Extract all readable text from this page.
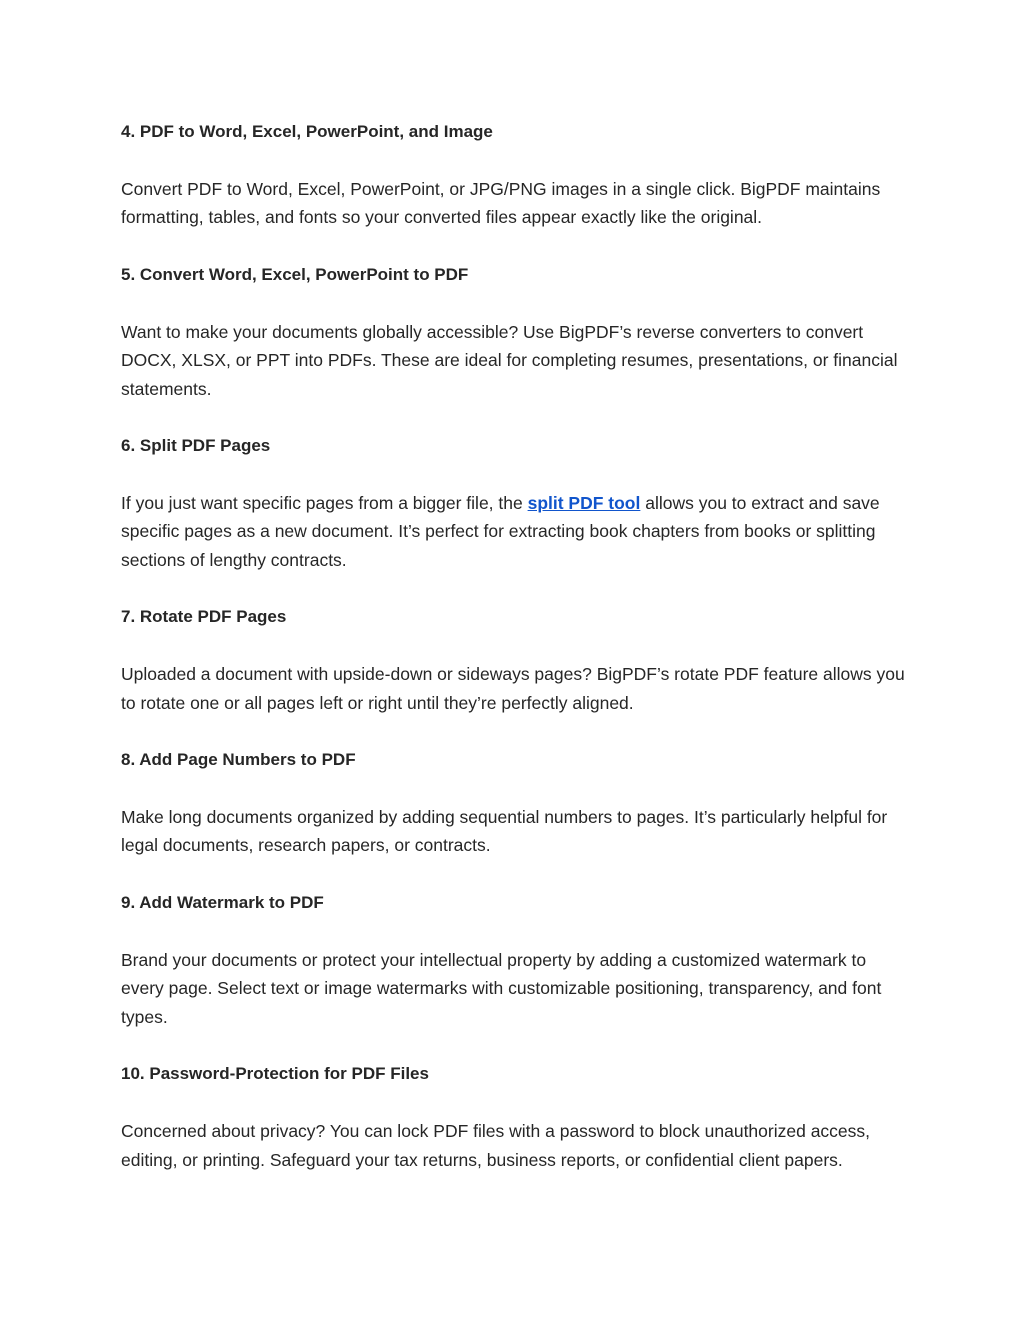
4. PDF to Word, Excel, PowerPoint, and Image

Convert PDF to Word, Excel, PowerPoint, or JPG/PNG images in a single click. BigPDF maintains formatting, tables, and fonts so your converted files appear exactly like the original.

5. Convert Word, Excel, PowerPoint to PDF

Want to make your documents globally accessible? Use BigPDF’s reverse converters to convert DOCX, XLSX, or PPT into PDFs. These are ideal for completing resumes, presentations, or financial statements.

6. Split PDF Pages

If you just want specific pages from a bigger file, the split PDF tool allows you to extract and save specific pages as a new document. It’s perfect for extracting book chapters from books or splitting sections of lengthy contracts.

7. Rotate PDF Pages

Uploaded a document with upside-down or sideways pages? BigPDF’s rotate PDF feature allows you to rotate one or all pages left or right until they’re perfectly aligned.

8. Add Page Numbers to PDF

Make long documents organized by adding sequential numbers to pages. It’s particularly helpful for legal documents, research papers, or contracts.

9. Add Watermark to PDF

Brand your documents or protect your intellectual property by adding a customized watermark to every page. Select text or image watermarks with customizable positioning, transparency, and font types.

10. Password-Protection for PDF Files

Concerned about privacy? You can lock PDF files with a password to block unauthorized access, editing, or printing. Safeguard your tax returns, business reports, or confidential client papers.
